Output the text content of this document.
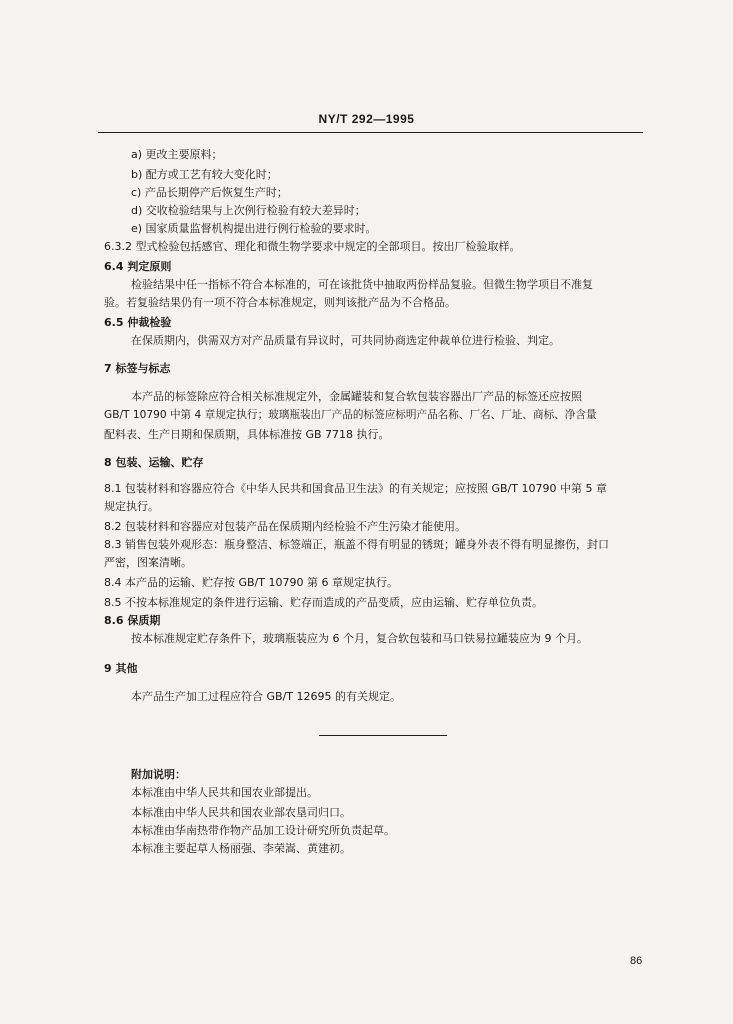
NY/T 292—1995
a) 更改主要原料；
b) 配方或工艺有较大变化时；
c) 产品长期停产后恢复生产时；
d) 交收检验结果与上次例行检验有较大差异时；
e) 国家质量监督机构提出进行例行检验的要求时。
6.3.2 型式检验包括感官、理化和微生物学要求中规定的全部项目。按出厂检验取样。
6.4 判定原则
检验结果中任一指标不符合本标准的，可在该批货中抽取两份样品复验。但微生物学项目不准复
验。若复验结果仍有一项不符合本标准规定，则判该批产品为不合格品。
6.5 仲裁检验
在保质期内，供需双方对产品质量有异议时，可共同协商选定仲裁单位进行检验、判定。
7 标签与标志
本产品的标签除应符合相关标准规定外，金属罐装和复合软包装容器出厂产品的标签还应按照
GB/T 10790 中第 4 章规定执行；玻璃瓶装出厂产品的标签应标明产品名称、厂名、厂址、商标、净含量
配料表、生产日期和保质期，具体标准按 GB 7718 执行。
8 包装、运输、贮存
8.1 包装材料和容器应符合《中华人民共和国食品卫生法》的有关规定；应按照 GB/T 10790 中第 5 章
规定执行。
8.2 包装材料和容器应对包装产品在保质期内经检验不产生污染才能使用。
8.3 销售包装外观形态：瓶身整洁、标签端正，瓶盖不得有明显的锈斑；罐身外表不得有明显擦伤，封口
严密，图案清晰。
8.4 本产品的运输、贮存按 GB/T 10790 第 6 章规定执行。
8.5 不按本标准规定的条件进行运输、贮存而造成的产品变质，应由运输、贮存单位负责。
8.6 保质期
按本标准规定贮存条件下，玻璃瓶装应为 6 个月，复合软包装和马口铁易拉罐装应为 9 个月。
9 其他
本产品生产加工过程应符合 GB/T 12695 的有关规定。
附加说明：
本标准由中华人民共和国农业部提出。
本标准由中华人民共和国农业部农垦司归口。
本标准由华南热带作物产品加工设计研究所负责起草。
本标准主要起草人杨丽强、李荣嵩、黄建初。
86
